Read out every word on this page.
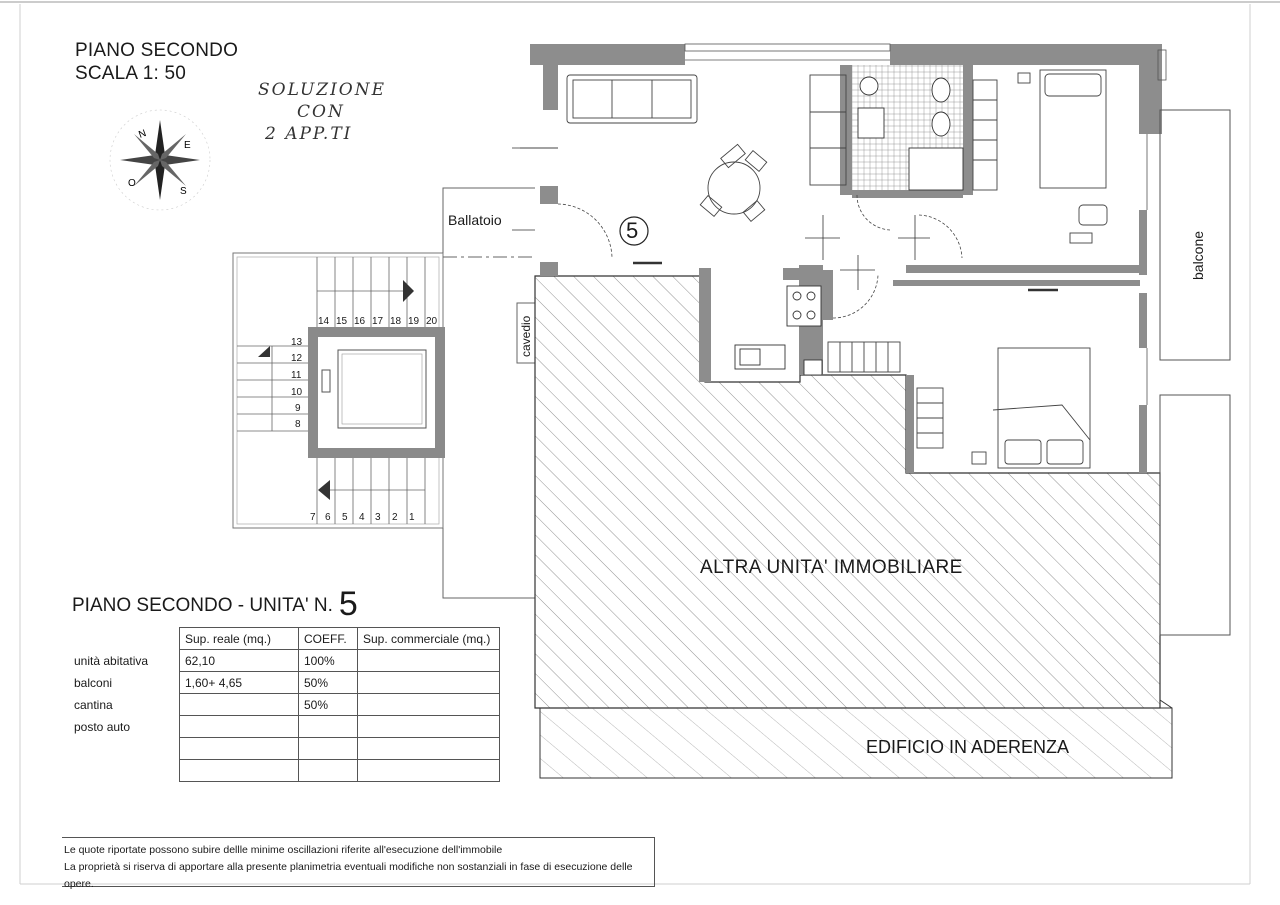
N
E
S
O
PIANO SECONDO
SCALA 1: 50
SOLUZIONE
CON
2 APP.TI
Ballatoio	5
cavedio
balcone
ALTRA UNITA' IMMOBILIARE
EDIFICIO IN ADERENZA
14 15 16 17 18 19 20
13
12
11
10
9
8
7 6 5 4 3 2 1
PIANO SECONDO - UNITA' N. 5
	Sup. reale (mq.)	COEFF.	Sup. commerciale (mq.)
unità abitativa	62,10	100%	
balconi	1,60+ 4,65	50%	
cantina		50%	
posto auto			

Le quote riportate possono subire dellle minime oscillazioni riferite all'esecuzione dell'immobile
La proprietà si riserva di apportare alla presente planimetria eventuali modifiche non sostanziali in fase di esecuzione delle opere.
